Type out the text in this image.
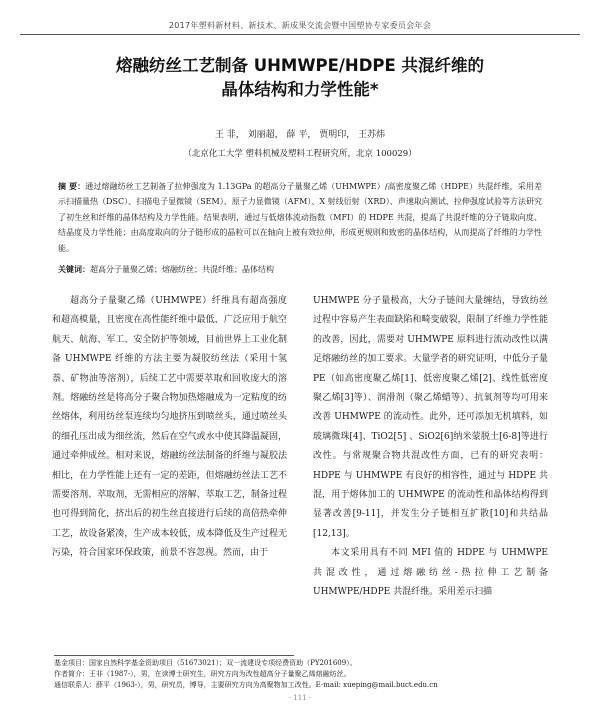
2017年塑料新材料、新技术、新成果交流会暨中国塑协专家委员会年会
熔融纺丝工艺制备 UHMWPE/HDPE 共混纤维的
晶体结构和力学性能*
王 非， 刘丽超， 薛 平， 贾明印， 王苏炜
（北京化工大学 塑料机械及塑料工程研究所，北京 100029）
摘 要：通过熔融纺丝工艺制备了拉伸强度为 1.13GPa 的超高分子量聚乙烯（UHMWPE）/高密度聚乙烯（HDPE）共混纤维，采用差示扫描量热（DSC）、扫描电子显微镜（SEM）、原子力显微镜（AFM）、X 射线衍射（XRD）、声速取向测试、拉伸强度试验等方法研究了初生丝和纤维的晶体结构及力学性能。结果表明，通过与低熔体流动指数（MFI）的 HDPE 共混，提高了共混纤维的分子链取向度、结晶度及力学性能；由高度取向的分子链形成的晶粒可以在轴向上被有效拉伸，形成更规则和致密的晶体结构，从而提高了纤维的力学性能。
关键词：超高分子量聚乙烯；熔融纺丝；共混纤维；晶体结构

超高分子量聚乙烯（UHMWPE）纤维具有超高强度和超高模量，且密度在高性能纤维中最低，广泛应用于航空航天、航海、军工、安全防护等领域，目前世界上工业化制备 UHMWPE 纤维的方法主要为凝胶纺丝法（采用十氢萘、矿物油等溶剂），后续工艺中需要萃取和回收庞大的溶剂。熔融纺丝是将高分子聚合物加热熔融成为一定粘度的纺丝熔体，利用纺丝泵连续均匀地挤压到喷丝头，通过喷丝头的细孔压出成为细丝流，然后在空气或水中使其降温凝固，通过牵伸成丝。相对来说，熔融纺丝法制备的纤维与凝胶法相比，在力学性能上还有一定的差距，但熔融纺丝法工艺不需要溶剂、萃取剂，无需相应的溶解、萃取工艺，制备过程也可得到简化，挤出后的初生丝直接进行后续的高倍热牵伸工艺，故设备紧凑，生产成本较低，成本降低及生产过程无污染，符合国家环保政策，前景不容忽视。然而，由于

UHMWPE 分子量极高，大分子链间大量缠结，导致纺丝过程中容易产生表面缺陷和畸变破裂，限制了纤维力学性能的改善，因此，需要对 UHMWPE 原料进行流动改性以满足熔融纺丝的加工要求。大量学者的研究证明，中低分子量 PE（如高密度聚乙烯[1]、低密度聚乙烯[2]、线性低密度聚乙烯[3]等）、润滑剂（聚乙烯蜡等）、抗氧剂等均可用来改善 UHMWPE 的流动性。此外，还可添加无机填料，如玻璃微珠[4]、TiO2[5] 、SiO2[6]纳米蒙脱土[6-8]等进行改性。与常规聚合物共混改性方面，已有的研究表明：HDPE 与 UHMWPE 有良好的相容性，通过与 HDPE 共混，用于熔体加工的 UHMWPE 的流动性和晶体结构得到显著改善[9-11]，并发生分子链相互扩散[10]和共结晶[12,13]。

本文采用具有不同 MFI 值的 HDPE 与 UHMWPE 共混改性，通过熔融纺丝-热拉伸工艺制备 UHMWPE/HDPE 共混纤维。采用差示扫描

基金项目：国家自然科学基金资助项目（51673021）；双一流建设专项经费资助（PY201609）。
作者简介：王非（1987-），男，在读博士研究生，研究方向为改性超高分子量聚乙烯熔融纺丝。
通信联系人：薛平（1963-），男，研究员，博导，主要研究方向为高聚物加工改性。E-mail: xueping@mail.buct.edu.cn
· 111 ·
